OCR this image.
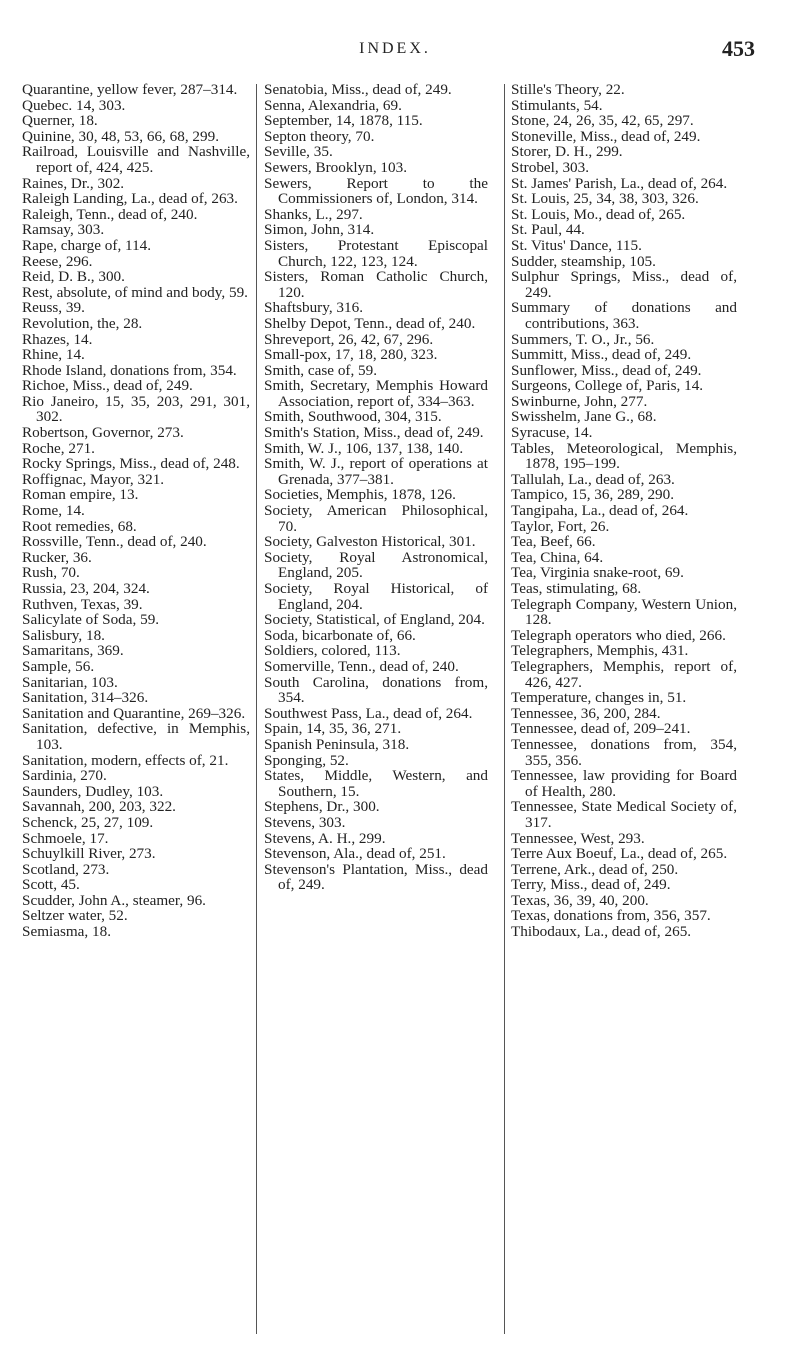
INDEX.	453

Quarantine, yellow fever, 287–314.

Quebec. 14, 303.

Querner, 18.

Quinine, 30, 48, 53, 66, 68, 299.

Railroad, Louisville and Nashville, report of, 424, 425.

Raines, Dr., 302.

Raleigh Landing, La., dead of, 263.

Raleigh, Tenn., dead of, 240.

Ramsay, 303.

Rape, charge of, 114.

Reese, 296.

Reid, D. B., 300.

Rest, absolute, of mind and body, 59.

Reuss, 39.

Revolution, the, 28.

Rhazes, 14.

Rhine, 14.

Rhode Island, donations from, 354.

Richoe, Miss., dead of, 249.

Rio Janeiro, 15, 35, 203, 291, 301, 302.

Robertson, Governor, 273.

Roche, 271.

Rocky Springs, Miss., dead of, 248.

Roffignac, Mayor, 321.

Roman empire, 13.

Rome, 14.

Root remedies, 68.

Rossville, Tenn., dead of, 240.

Rucker, 36.

Rush, 70.

Russia, 23, 204, 324.

Ruthven, Texas, 39.

Salicylate of Soda, 59.

Salisbury, 18.

Samaritans, 369.

Sample, 56.

Sanitarian, 103.

Sanitation, 314–326.

Sanitation and Quarantine, 269–326.

Sanitation, defective, in Memphis, 103.

Sanitation, modern, effects of, 21.

Sardinia, 270.

Saunders, Dudley, 103.

Savannah, 200, 203, 322.

Schenck, 25, 27, 109.

Schmoele, 17.

Schuylkill River, 273.

Scotland, 273.

Scott, 45.

Scudder, John A., steamer, 96.

Seltzer water, 52.

Semiasma, 18.

Senatobia, Miss., dead of, 249.

Senna, Alexandria, 69.

September, 14, 1878, 115.

Septon theory, 70.

Seville, 35.

Sewers, Brooklyn, 103.

Sewers, Report to the Commissioners of, London, 314.

Shanks, L., 297.

Simon, John, 314.

Sisters, Protestant Episcopal Church, 122, 123, 124.

Sisters, Roman Catholic Church, 120.

Shaftsbury, 316.

Shelby Depot, Tenn., dead of, 240.

Shreveport, 26, 42, 67, 296.

Small-pox, 17, 18, 280, 323.

Smith, case of, 59.

Smith, Secretary, Memphis Howard Association, report of, 334–363.

Smith, Southwood, 304, 315.

Smith's Station, Miss., dead of, 249.

Smith, W. J., 106, 137, 138, 140.

Smith, W. J., report of operations at Grenada, 377–381.

Societies, Memphis, 1878, 126.

Society, American Philosophical, 70.

Society, Galveston Historical, 301.

Society, Royal Astronomical, England, 205.

Society, Royal Historical, of England, 204.

Society, Statistical, of England, 204.

Soda, bicarbonate of, 66.

Soldiers, colored, 113.

Somerville, Tenn., dead of, 240.

South Carolina, donations from, 354.

Southwest Pass, La., dead of, 264.

Spain, 14, 35, 36, 271.

Spanish Peninsula, 318.

Sponging, 52.

States, Middle, Western, and Southern, 15.

Stephens, Dr., 300.

Stevens, 303.

Stevens, A. H., 299.

Stevenson, Ala., dead of, 251.

Stevenson's Plantation, Miss., dead of, 249.

Stille's Theory, 22.

Stimulants, 54.

Stone, 24, 26, 35, 42, 65, 297.

Stoneville, Miss., dead of, 249.

Storer, D. H., 299.

Strobel, 303.

St. James' Parish, La., dead of, 264.

St. Louis, 25, 34, 38, 303, 326.

St. Louis, Mo., dead of, 265.

St. Paul, 44.

St. Vitus' Dance, 115.

Sudder, steamship, 105.

Sulphur Springs, Miss., dead of, 249.

Summary of donations and contributions, 363.

Summers, T. O., Jr., 56.

Summitt, Miss., dead of, 249.

Sunflower, Miss., dead of, 249.

Surgeons, College of, Paris, 14.

Swinburne, John, 277.

Swisshelm, Jane G., 68.

Syracuse, 14.

Tables, Meteorological, Memphis, 1878, 195–199.

Tallulah, La., dead of, 263.

Tampico, 15, 36, 289, 290.

Tangipaha, La., dead of, 264.

Taylor, Fort, 26.

Tea, Beef, 66.

Tea, China, 64.

Tea, Virginia snake-root, 69.

Teas, stimulating, 68.

Telegraph Company, Western Union, 128.

Telegraph operators who died, 266.

Telegraphers, Memphis, 431.

Telegraphers, Memphis, report of, 426, 427.

Temperature, changes in, 51.

Tennessee, 36, 200, 284.

Tennessee, dead of, 209–241.

Tennessee, donations from, 354, 355, 356.

Tennessee, law providing for Board of Health, 280.

Tennessee, State Medical Society of, 317.

Tennessee, West, 293.

Terre Aux Boeuf, La., dead of, 265.

Terrene, Ark., dead of, 250.

Terry, Miss., dead of, 249.

Texas, 36, 39, 40, 200.

Texas, donations from, 356, 357.

Thibodaux, La., dead of, 265.
